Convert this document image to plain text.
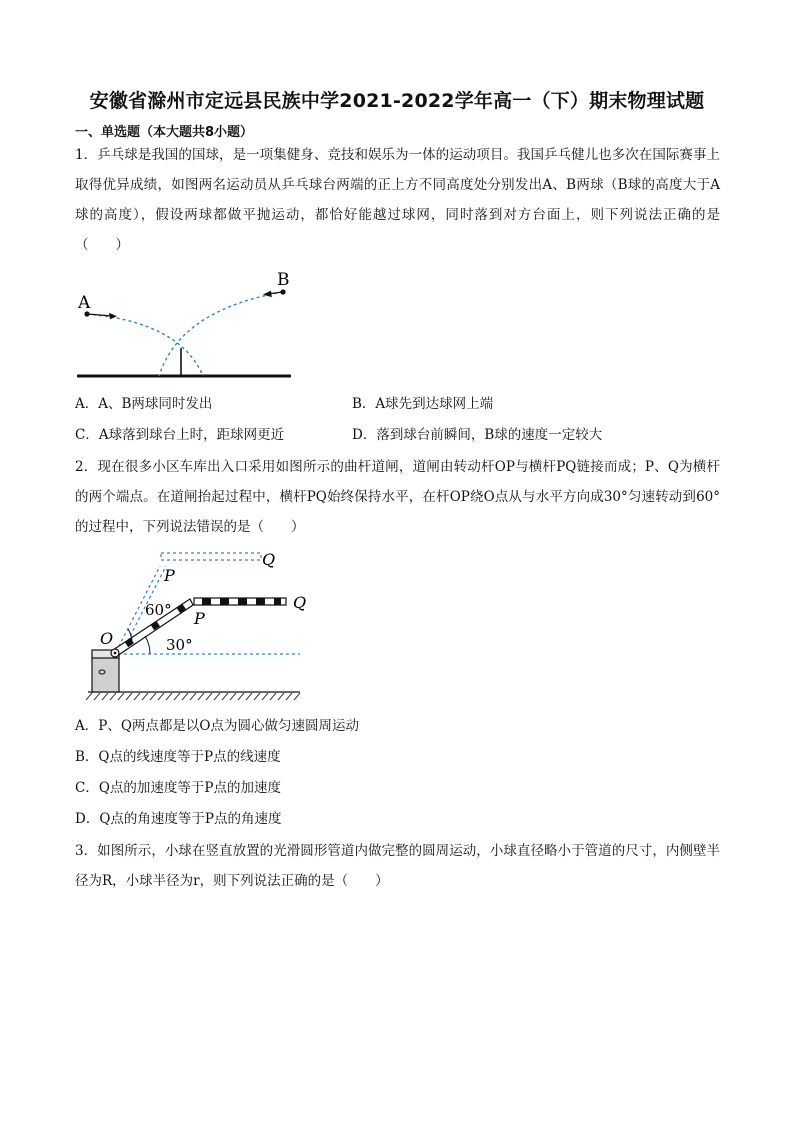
安徽省滁州市定远县民族中学2021-2022学年高一（下）期末物理试题
一、单选题（本大题共8小题）
1．乒乓球是我国的国球，是一项集健身、竞技和娱乐为一体的运动项目。我国乒乓健儿也多次在国际赛事上取得优异成绩，如图两名运动员从乒乓球台两端的正上方不同高度处分别发出A、B两球（B球的高度大于A球的高度），假设两球都做平抛运动，都恰好能越过球网，同时落到对方台面上，则下列说法正确的是（　　）
A
B
A．A、B两球同时发出	B．A球先到达球网上端
C．A球落到球台上时，距球网更近	D．落到球台前瞬间，B球的速度一定较大
2．现在很多小区车库出入口采用如图所示的曲杆道闸，道闸由转动杆OP与横杆PQ链接而成；P、Q为横杆的两个端点。在道闸抬起过程中，横杆PQ始终保持水平，在杆OP绕O点从与水平方向成30°匀速转动到60°的过程中，下列说法错误的是（　　）
O
P
Q
P
Q
60°
30°
A．P、Q两点都是以O点为圆心做匀速圆周运动
B．Q点的线速度等于P点的线速度
C．Q点的加速度等于P点的加速度
D．Q点的角速度等于P点的角速度
3．如图所示，小球在竖直放置的光滑圆形管道内做完整的圆周运动，小球直径略小于管道的尺寸，内侧壁半径为R，小球半径为r，则下列说法正确的是（　　）
